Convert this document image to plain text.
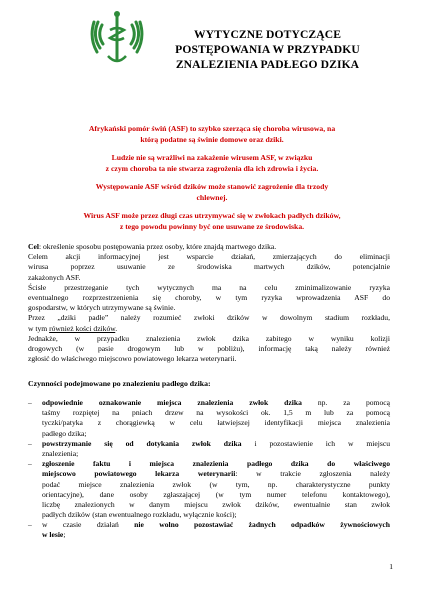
WYTYCZNE DOTYCZĄCE
POSTĘPOWANIA W PRZYPADKU
ZNALEZIENIA PADŁEGO DZIKA
Afrykański pomór świń (ASF) to szybko szerząca się choroba wirusowa, na
którą podatne są świnie domowe oraz dziki.
Ludzie nie są wrażliwi na zakażenie wirusem ASF, w związku
z czym choroba ta nie stwarza zagrożenia dla ich zdrowia i życia.
Występowanie ASF wśród dzików może stanowić zagrożenie dla trzody
chlewnej.
Wirus ASF może przez długi czas utrzymywać się w zwłokach padłych dzików,
z tego powodu powinny być one usuwane ze środowiska.
Cel: określenie sposobu postępowania przez osoby, które znajdą martwego dzika.
Celem akcji informacyjnej jest wsparcie działań, zmierzających do eliminacji
wirusa poprzez usuwanie ze środowiska martwych dzików, potencjalnie
zakażonych ASF.
Ścisłe przestrzeganie tych wytycznych ma na celu zminimalizowanie ryzyka
eventualnego rozprzestrzenienia się choroby, w tym ryzyka wprowadzenia ASF do
gospodarstw, w których utrzymywane są świnie.
Przez „dziki padłe” należy rozumieć zwłoki dzików w dowolnym stadium rozkładu,
w tym również kości dzików.
Jednakże, w przypadku znalezienia zwłok dzika zabitego w wyniku kolizji
drogowych (w pasie drogowym lub w pobliżu), informację taką należy również
zgłosić do właściwego miejscowo powiatowego lekarza weterynarii.
Czynności podejmowane po znalezieniu padłego dzika:
– odpowiednie oznakowanie miejsca znalezienia zwłok dzika np. za pomocą
taśmy rozpiętej na pniach drzew na wysokości ok. 1,5 m lub za pomocą
tyczki/patyka z chorągiewką w celu łatwiejszej identyfikacji miejsca znalezienia
padłego dzika;
– powstrzymanie się od dotykania zwłok dzika i pozostawienie ich w miejscu
znalezienia;
– zgłoszenie faktu i miejsca znalezienia padłego dzika do właściwego
miejscowo powiatowego lekarza weterynarii: w trakcie zgłoszenia należy
podać miejsce znalezienia zwłok (w tym, np. charakterystyczne punkty
orientacyjne), dane osoby zgłaszającej (w tym numer telefonu kontaktowego),
liczbę znalezionych w danym miejscu zwłok dzików, ewentualnie stan zwłok
padłych dzików (stan ewentualnego rozkładu, wyłącznie kości);
– w czasie działań nie wolno pozostawiać żadnych odpadków żywnościowych
w lesie;
1
